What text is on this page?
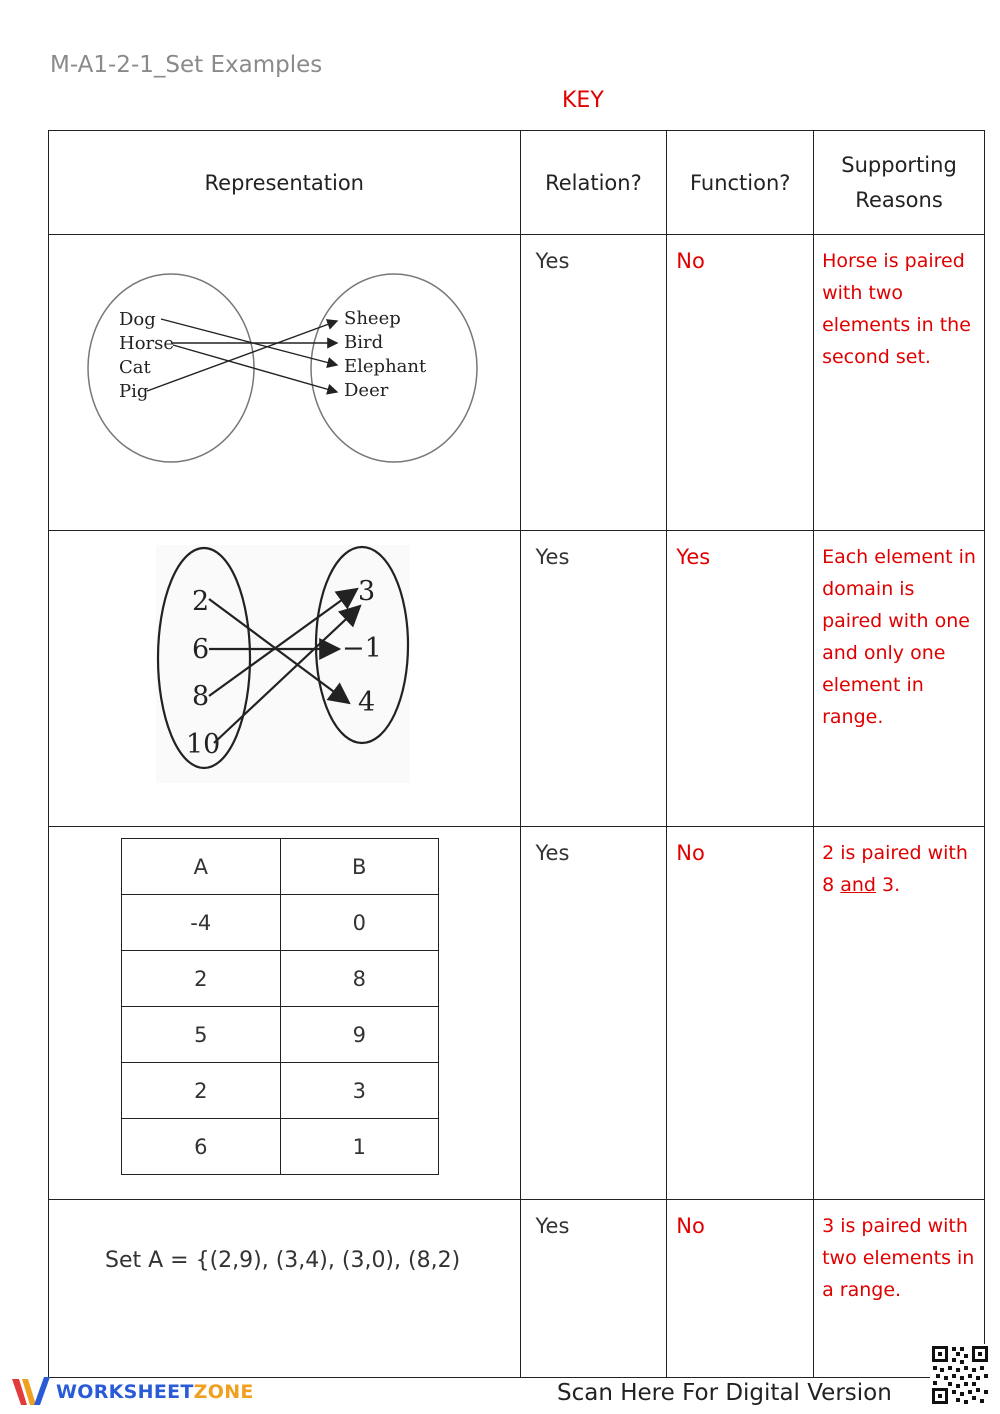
M-A1-2-1_Set Examples
KEY
Representation	Relation?	Function?	Supporting
Reasons

Dog
Horse
Cat
Pig
Sheep
Bird
Elephant
Deer

Yes	No	Horse is paired with two elements in the second set.

2
6
8
10
3
−1
4

Yes	Yes	Each element in domain is paired with one and only one element in range.

A	B
-4	0
2	8
5	9
2	3
6	1

Yes	No	2 is paired with 8 and 3.

Set A = {(2,9), (3,4), (3,0), (8,2)

Yes	No	3 is paired with two elements in a range.
WORKSHEETZONE	Scan Here For Digital Version
